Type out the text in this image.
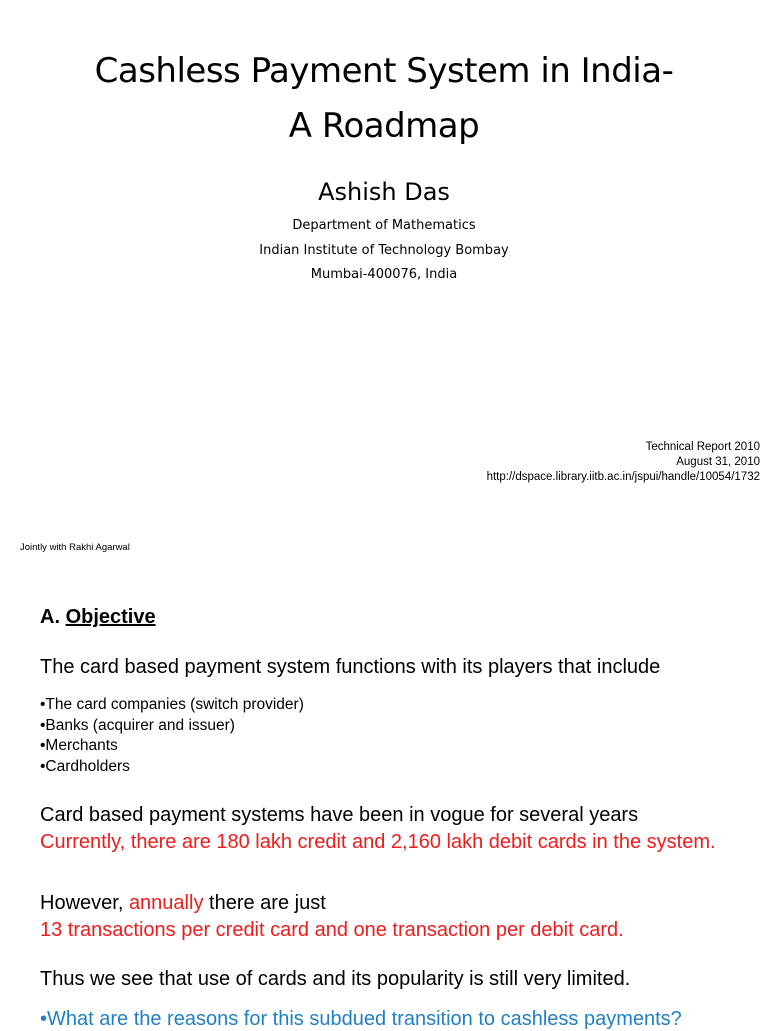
Cashless Payment System in India-
A Roadmap
Ashish Das
Department of Mathematics
Indian Institute of Technology Bombay
Mumbai-400076, India
Technical Report 2010
August 31, 2010
http://dspace.library.iitb.ac.in/jspui/handle/10054/1732
Jointly with Rakhi Agarwal
A. Objective
The card based payment system functions with its players that include
•The card companies (switch provider)
•Banks (acquirer and issuer)
•Merchants
•Cardholders
Card based payment systems have been in vogue for several years
Currently, there are 180 lakh credit and 2,160 lakh debit cards in the system.
However, annually there are just
13 transactions per credit card and one transaction per debit card.
Thus we see that use of cards and its popularity is still very limited.
•What are the reasons for this subdued transition to cashless payments?
